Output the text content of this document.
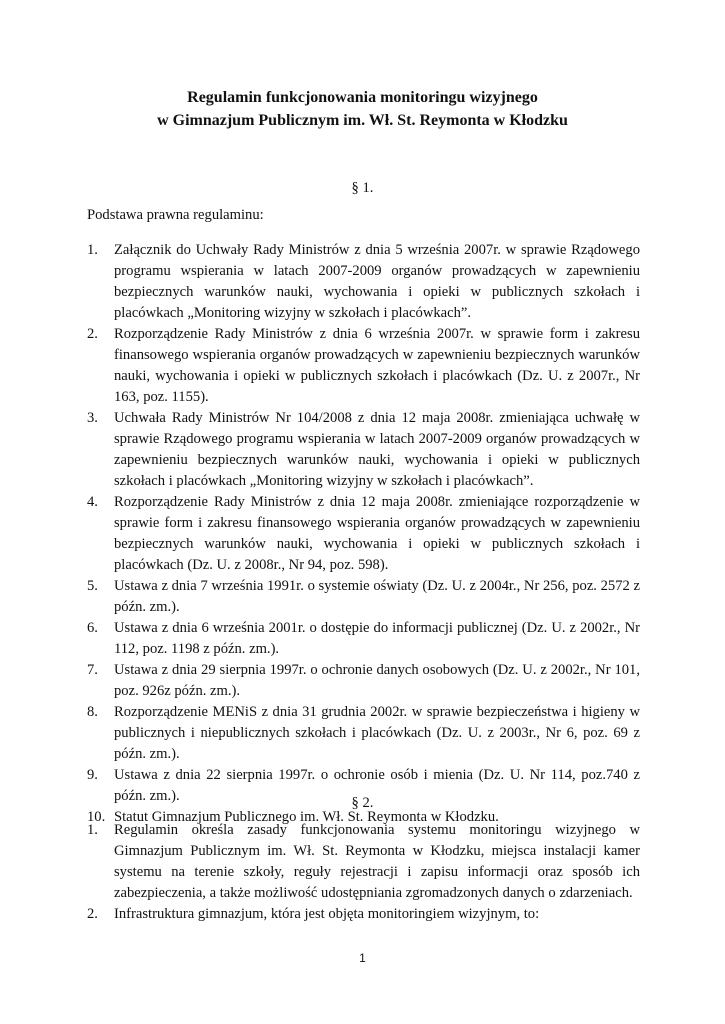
Regulamin funkcjonowania monitoringu wizyjnego
w Gimnazjum Publicznym im. Wł. St. Reymonta w Kłodzku
§ 1.
Podstawa prawna regulaminu:
1. Załącznik do Uchwały Rady Ministrów z dnia 5 września 2007r. w sprawie Rządowego programu wspierania w latach 2007-2009 organów prowadzących w zapewnieniu bezpiecznych warunków nauki, wychowania i opieki w publicznych szkołach i placówkach „Monitoring wizyjny w szkołach i placówkach”.
2. Rozporządzenie Rady Ministrów z dnia 6 września 2007r. w sprawie form i zakresu finansowego wspierania organów prowadzących w zapewnieniu bezpiecznych warunków nauki, wychowania i opieki w publicznych szkołach i placówkach (Dz. U. z 2007r., Nr 163, poz. 1155).
3. Uchwała Rady Ministrów Nr 104/2008 z dnia 12 maja 2008r. zmieniająca uchwałę w sprawie Rządowego programu wspierania w latach 2007-2009 organów prowadzących w zapewnieniu bezpiecznych warunków nauki, wychowania i opieki w publicznych szkołach i placówkach „Monitoring wizyjny w szkołach i placówkach”.
4. Rozporządzenie Rady Ministrów z dnia 12 maja 2008r. zmieniające rozporządzenie w sprawie form i zakresu finansowego wspierania organów prowadzących w zapewnieniu bezpiecznych warunków nauki, wychowania i opieki w publicznych szkołach i placówkach (Dz. U. z 2008r., Nr 94, poz. 598).
5. Ustawa z dnia 7 września 1991r. o systemie oświaty (Dz. U. z 2004r., Nr 256, poz. 2572 z późn. zm.).
6. Ustawa z dnia 6 września 2001r. o dostępie do informacji publicznej (Dz. U. z 2002r., Nr 112, poz. 1198 z późn. zm.).
7. Ustawa z dnia 29 sierpnia 1997r. o ochronie danych osobowych (Dz. U. z 2002r., Nr 101, poz. 926z późn. zm.).
8. Rozporządzenie MENiS z dnia 31 grudnia 2002r. w sprawie bezpieczeństwa i higieny w publicznych i niepublicznych szkołach i placówkach (Dz. U. z 2003r., Nr 6, poz. 69 z późn. zm.).
9. Ustawa z dnia 22 sierpnia 1997r. o ochronie osób i mienia (Dz. U. Nr 114, poz.740 z późn. zm.).
10. Statut Gimnazjum Publicznego im. Wł. St. Reymonta w Kłodzku.
§ 2.
1. Regulamin określa zasady funkcjonowania systemu monitoringu wizyjnego w Gimnazjum Publicznym im. Wł. St. Reymonta w Kłodzku, miejsca instalacji kamer systemu na terenie szkoły, reguły rejestracji i zapisu informacji oraz sposób ich zabezpieczenia, a także możliwość udostępniania zgromadzonych danych o zdarzeniach.
2. Infrastruktura gimnazjum, która jest objęta monitoringiem wizyjnym, to:
1
